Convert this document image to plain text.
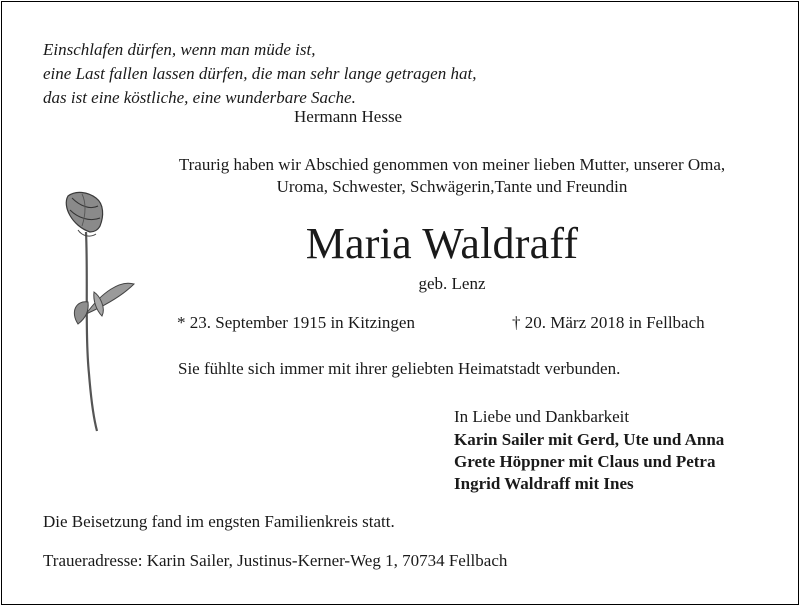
Einschlafen dürfen, wenn man müde ist,
eine Last fallen lassen dürfen, die man sehr lange getragen hat,
das ist eine köstliche, eine wunderbare Sache.
Hermann Hesse
Traurig haben wir Abschied genommen von meiner lieben Mutter, unserer Oma,
Uroma, Schwester, Schwägerin,Tante und Freundin
Maria Waldraff
geb. Lenz
* 23. September 1915 in Kitzingen	† 20. März 2018 in Fellbach
Sie fühlte sich immer mit ihrer geliebten Heimatstadt verbunden.
In Liebe und Dankbarkeit
Karin Sailer mit Gerd, Ute und Anna
Grete Höppner mit Claus und Petra
Ingrid Waldraff mit Ines
Die Beisetzung fand im engsten Familienkreis statt.
Traueradresse: Karin Sailer, Justinus-Kerner-Weg 1, 70734 Fellbach
